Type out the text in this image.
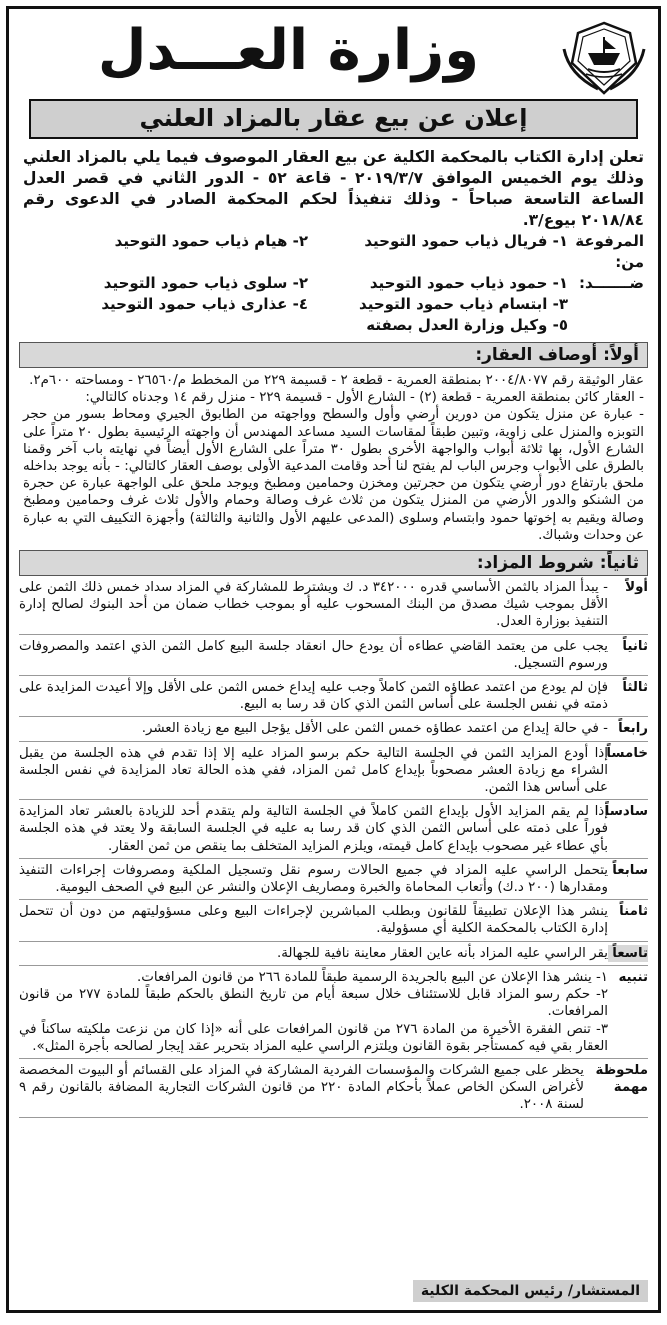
وزارة العـــدل
إعلان عن بيع عقار بالمزاد العلني
تعلن إدارة الكتاب بالمحكمة الكلية عن بيع العقار الموصوف فيما يلي بالمزاد العلني وذلك يوم الخميس الموافق ٢٠١٩/٣/٧ - قاعة ٥٢ - الدور الثاني في قصر العدل الساعة التاسعة صباحاً - وذلك تنفيذاً لحكم المحكمة الصادر في الدعوى رقم ٢٠١٨/٨٤ بيوع/٣.
المرفوعة من:
١- فريال ذياب حمود التوحيد
٢- هيام ذياب حمود التوحيد
ضـــــــد:
١- حمود ذياب حمود التوحيد
٢- سلوى ذياب حمود التوحيد
٣- ابتسام ذياب حمود التوحيد
٤- عذارى ذياب حمود التوحيد
٥- وكيل وزارة العدل بصفته
أولاً: أوصاف العقار:

عقار الوثيقة رقم ٢٠٠٤/٨٠٧٧ بمنطقة العمرية - قطعة ٢ - قسيمة ٢٢٩ من المخطط م/٢٦٥٦٠ - ومساحته ٦٠٠م٢.

- العقار كائن بمنطقة العمرية - قطعة (٢) - الشارع الأول - قسيمة ٢٢٩ - منزل رقم ١٤ وجدناه كالتالي:

- عبارة عن منزل يتكون من دورين أرضي وأول والسطح وواجهته من الطابوق الجيري ومحاط بسور من حجر التوبزه والمنزل على زاوية، وتبين طبقاً لمقاسات السيد مساعد المهندس أن واجهته الرئيسية بطول ٢٠ متراً على الشارع الأول، بها ثلاثة أبواب والواجهة الأخرى بطول ٣٠ متراً على الشارع الأول أيضاً في نهايته باب آخر وقمنا بالطرق على الأبواب وجرس الباب لم يفتح لنا أحد وقامت المدعية الأولى بوصف العقار كالتالي: - بأنه يوجد بداخله ملحق بارتفاع دور أرضي يتكون من حجرتين ومخزن وحمامين ومطبخ ويوجد ملحق على الواجهة عبارة عن حجرة من الشنكو والدور الأرضي من المنزل يتكون من ثلاث غرف وصالة وحمام والأول ثلاث غرف وحمامين ومطبخ وصالة ويقيم به إخوتها حمود وابتسام وسلوى (المدعى عليهم الأول والثانية والثالثة) وأجهزة التكييف التي به عبارة عن وحدات وشباك.

ثانياً: شروط المزاد:
أولاً
- يبدأ المزاد بالثمن الأساسي قدره ٣٤٢٠٠٠ د. ك ويشترط للمشاركة في المزاد سداد خمس ذلك الثمن على الأقل بموجب شيك مصدق من البنك المسحوب عليه أو بموجب خطاب ضمان من أحد البنوك لصالح إدارة التنفيذ بوزارة العدل.
ثانياً
يجب على من يعتمد القاضي عطاءه أن يودع حال انعقاد جلسة البيع كامل الثمن الذي اعتمد والمصروفات ورسوم التسجيل.
ثالثاً
فإن لم يودع من اعتمد عطاؤه الثمن كاملاً وجب عليه إيداع خمس الثمن على الأقل وإلا أعيدت المزايدة على ذمته في نفس الجلسة على أساس الثمن الذي كان قد رسا به البيع.
رابعاً
- في حالة إيداع من اعتمد عطاؤه خمس الثمن على الأقل يؤجل البيع مع زيادة العشر.
خامساً
إذا أودع المزايد الثمن في الجلسة التالية حكم برسو المزاد عليه إلا إذا تقدم في هذه الجلسة من يقبل الشراء مع زيادة العشر مصحوباً بإيداع كامل ثمن المزاد، ففي هذه الحالة تعاد المزايدة في نفس الجلسة على أساس هذا الثمن.
سادساً
إذا لم يقم المزايد الأول بإيداع الثمن كاملاً في الجلسة التالية ولم يتقدم أحد للزيادة بالعشر تعاد المزايدة فوراً على ذمته على أساس الثمن الذي كان قد رسا به عليه في الجلسة السابقة ولا يعتد في هذه الجلسة بأي عطاء غير مصحوب بإيداع كامل قيمته، ويلزم المزايد المتخلف بما ينقص من ثمن العقار.
سابعاً
يتحمل الراسي عليه المزاد في جميع الحالات رسوم نقل وتسجيل الملكية ومصروفات إجراءات التنفيذ ومقدارها (٢٠٠ د.ك) وأتعاب المحاماة والخبرة ومصاريف الإعلان والنشر عن البيع في الصحف اليومية.
ثامناً
ينشر هذا الإعلان تطبيقاً للقانون وبطلب المباشرين لإجراءات البيع وعلى مسؤوليتهم من دون أن تتحمل إدارة الكتاب بالمحكمة الكلية أي مسؤولية.
تاسعاً
يقر الراسي عليه المزاد بأنه عاين العقار معاينة نافية للجهالة.
تنبيه

١- ينشر هذا الإعلان عن البيع بالجريدة الرسمية طبقاً للمادة ٢٦٦ من قانون المرافعات.

٢- حكم رسو المزاد قابل للاستئناف خلال سبعة أيام من تاريخ النطق بالحكم طبقاً للمادة ٢٧٧ من قانون المرافعات.

٣- تنص الفقرة الأخيرة من المادة ٢٧٦ من قانون المرافعات على أنه «إذا كان من نزعت ملكيته ساكناً في العقار بقي فيه كمستأجر بقوة القانون ويلتزم الراسي عليه المزاد بتحرير عقد إيجار لصالحه بأجرة المثل».

ملحوظة مهمة
يحظر على جميع الشركات والمؤسسات الفردية المشاركة في المزاد على القسائم أو البيوت المخصصة لأغراض السكن الخاص عملاً بأحكام المادة ٢٢٠ من قانون الشركات التجارية المضافة بالقانون رقم ٩ لسنة ٢٠٠٨.
المستشار/ رئيس المحكمة الكلية
